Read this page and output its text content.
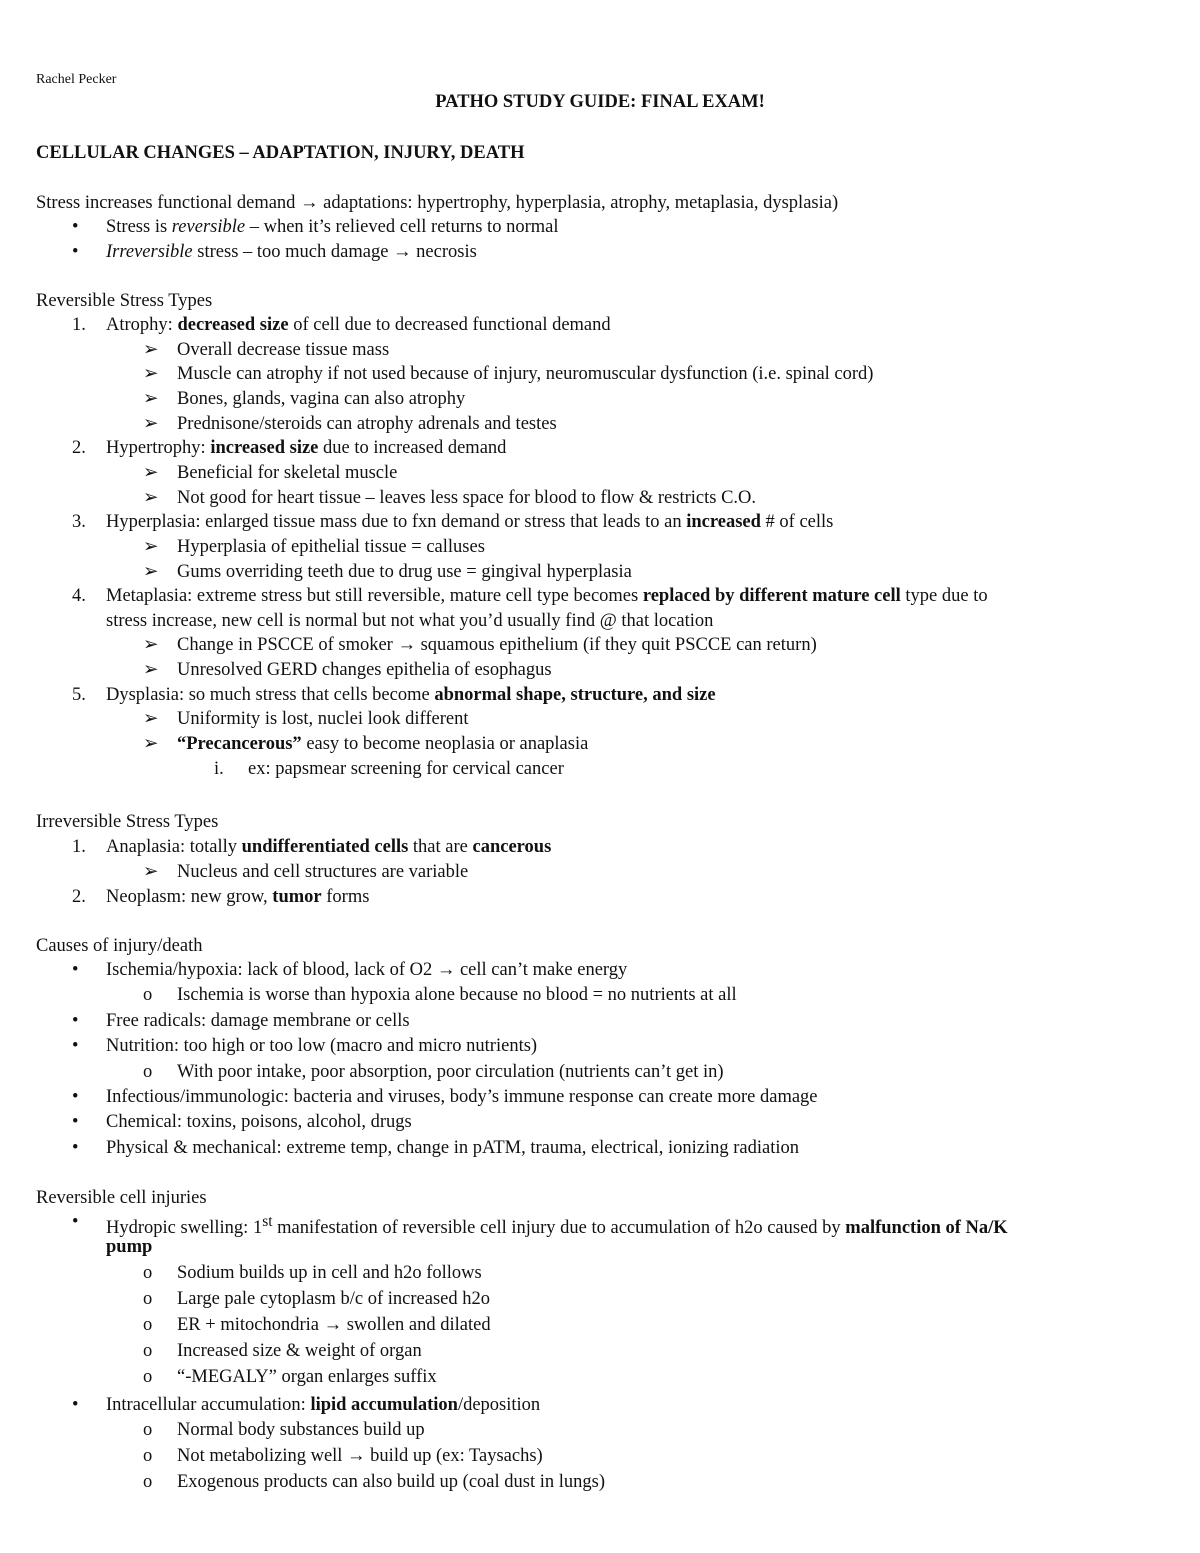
Rachel Pecker
PATHO STUDY GUIDE: FINAL EXAM!
CELLULAR CHANGES – ADAPTATION, INJURY, DEATH
Stress increases functional demand → adaptations: hypertrophy, hyperplasia, atrophy, metaplasia, dysplasia)
• Stress is reversible – when it’s relieved cell returns to normal
• Irreversible stress – too much damage → necrosis
Reversible Stress Types
1. Atrophy: decreased size of cell due to decreased functional demand
➢ Overall decrease tissue mass
➢ Muscle can atrophy if not used because of injury, neuromuscular dysfunction (i.e. spinal cord)
➢ Bones, glands, vagina can also atrophy
➢ Prednisone/steroids can atrophy adrenals and testes
2. Hypertrophy: increased size due to increased demand
➢ Beneficial for skeletal muscle
➢ Not good for heart tissue – leaves less space for blood to flow & restricts C.O.
3. Hyperplasia: enlarged tissue mass due to fxn demand or stress that leads to an increased # of cells
➢ Hyperplasia of epithelial tissue = calluses
➢ Gums overriding teeth due to drug use = gingival hyperplasia
4. Metaplasia: extreme stress but still reversible, mature cell type becomes replaced by different mature cell type due to
stress increase, new cell is normal but not what you’d usually find @ that location
➢ Change in PSCCE of smoker → squamous epithelium (if they quit PSCCE can return)
➢ Unresolved GERD changes epithelia of esophagus
5. Dysplasia: so much stress that cells become abnormal shape, structure, and size
➢ Uniformity is lost, nuclei look different
➢ “Precancerous” easy to become neoplasia or anaplasia
i. ex: papsmear screening for cervical cancer
Irreversible Stress Types
1. Anaplasia: totally undifferentiated cells that are cancerous
➢ Nucleus and cell structures are variable
2. Neoplasm: new grow, tumor forms
Causes of injury/death
• Ischemia/hypoxia: lack of blood, lack of O2 → cell can’t make energy
o Ischemia is worse than hypoxia alone because no blood = no nutrients at all
• Free radicals: damage membrane or cells
• Nutrition: too high or too low (macro and micro nutrients)
o With poor intake, poor absorption, poor circulation (nutrients can’t get in)
• Infectious/immunologic: bacteria and viruses, body’s immune response can create more damage
• Chemical: toxins, poisons, alcohol, drugs
• Physical & mechanical: extreme temp, change in pATM, trauma, electrical, ionizing radiation
Reversible cell injuries
• Hydropic swelling: 1st manifestation of reversible cell injury due to accumulation of h2o caused by malfunction of Na/K
pump
o Sodium builds up in cell and h2o follows
o Large pale cytoplasm b/c of increased h2o
o ER + mitochondria → swollen and dilated
o Increased size & weight of organ
o “-MEGALY” organ enlarges suffix
• Intracellular accumulation: lipid accumulation/deposition
o Normal body substances build up
o Not metabolizing well → build up (ex: Taysachs)
o Exogenous products can also build up (coal dust in lungs)
